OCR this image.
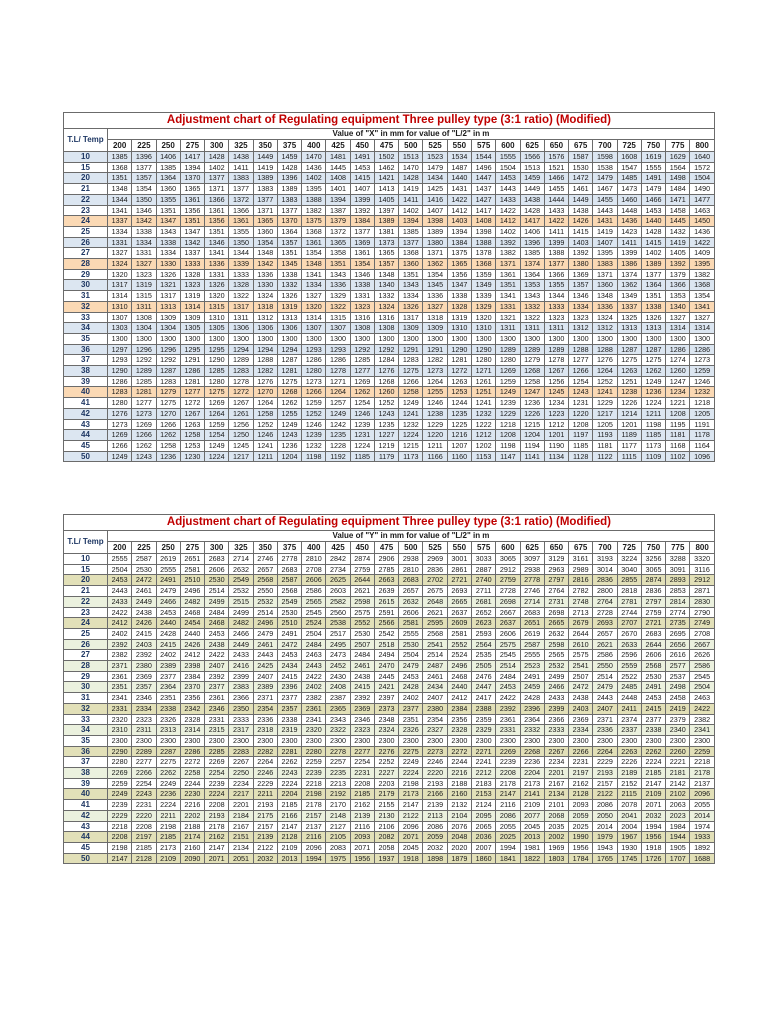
Adjustment chart of Regulating equipment Three pulley type (3:1 ratio) (Modified)																									
T.L/ Temp	Value of "X" in mm for value of "L/2" in m																								
	200	225	250	275	300	325	350	375	400	425	450	475	500	525	550	575	600	625	650	675	700	725	750	775	800
10	1385	1396	1406	1417	1428	1438	1449	1459	1470	1481	1491	1502	1513	1523	1534	1544	1555	1566	1576	1587	1598	1608	1619	1629	1640
15	1368	1377	1385	1394	1402	1411	1419	1428	1436	1445	1453	1462	1470	1479	1487	1496	1504	1513	1521	1530	1538	1547	1555	1564	1572
20	1351	1357	1364	1370	1377	1383	1389	1396	1402	1408	1415	1421	1428	1434	1440	1447	1453	1459	1466	1472	1479	1485	1491	1498	1504
21	1348	1354	1360	1365	1371	1377	1383	1389	1395	1401	1407	1413	1419	1425	1431	1437	1443	1449	1455	1461	1467	1473	1479	1484	1490
22	1344	1350	1355	1361	1366	1372	1377	1383	1388	1394	1399	1405	1411	1416	1422	1427	1433	1438	1444	1449	1455	1460	1466	1471	1477
23	1341	1346	1351	1356	1361	1366	1371	1377	1382	1387	1392	1397	1402	1407	1412	1417	1422	1428	1433	1438	1443	1448	1453	1458	1463
24	1337	1342	1347	1351	1356	1361	1365	1370	1375	1379	1384	1389	1394	1398	1403	1408	1412	1417	1422	1426	1431	1436	1440	1445	1450
25	1334	1338	1343	1347	1351	1355	1360	1364	1368	1372	1377	1381	1385	1389	1394	1398	1402	1406	1411	1415	1419	1423	1428	1432	1436
26	1331	1334	1338	1342	1346	1350	1354	1357	1361	1365	1369	1373	1377	1380	1384	1388	1392	1396	1399	1403	1407	1411	1415	1419	1422
27	1327	1331	1334	1337	1341	1344	1348	1351	1354	1358	1361	1365	1368	1371	1375	1378	1382	1385	1388	1392	1395	1399	1402	1405	1409
28	1324	1327	1330	1333	1336	1339	1342	1345	1348	1351	1354	1357	1360	1362	1365	1368	1371	1374	1377	1380	1383	1386	1389	1392	1395
29	1320	1323	1326	1328	1331	1333	1336	1338	1341	1343	1346	1348	1351	1354	1356	1359	1361	1364	1366	1369	1371	1374	1377	1379	1382
30	1317	1319	1321	1323	1326	1328	1330	1332	1334	1336	1338	1340	1343	1345	1347	1349	1351	1353	1355	1357	1360	1362	1364	1366	1368
31	1314	1315	1317	1319	1320	1322	1324	1326	1327	1329	1331	1332	1334	1336	1338	1339	1341	1343	1344	1346	1348	1349	1351	1353	1354
32	1310	1311	1313	1314	1315	1317	1318	1319	1320	1322	1323	1324	1326	1327	1328	1329	1331	1332	1333	1334	1336	1337	1338	1340	1341
33	1307	1308	1309	1309	1310	1311	1312	1313	1314	1315	1316	1316	1317	1318	1319	1320	1321	1322	1323	1323	1324	1325	1326	1327	1327
34	1303	1304	1304	1305	1305	1306	1306	1306	1307	1307	1308	1308	1309	1309	1310	1310	1311	1311	1311	1312	1312	1313	1313	1314	1314
35	1300	1300	1300	1300	1300	1300	1300	1300	1300	1300	1300	1300	1300	1300	1300	1300	1300	1300	1300	1300	1300	1300	1300	1300	1300
36	1297	1296	1296	1295	1295	1294	1294	1294	1293	1293	1292	1292	1291	1291	1290	1290	1289	1289	1289	1288	1288	1287	1287	1286	1286
37	1293	1292	1292	1291	1290	1289	1288	1287	1286	1286	1285	1284	1283	1282	1281	1280	1280	1279	1278	1277	1276	1275	1275	1274	1273
38	1290	1289	1287	1286	1285	1283	1282	1281	1280	1278	1277	1276	1275	1273	1272	1271	1269	1268	1267	1266	1264	1263	1262	1260	1259
39	1286	1285	1283	1281	1280	1278	1276	1275	1273	1271	1269	1268	1266	1264	1263	1261	1259	1258	1256	1254	1252	1251	1249	1247	1246
40	1283	1281	1279	1277	1275	1272	1270	1268	1266	1264	1262	1260	1258	1255	1253	1251	1249	1247	1245	1243	1241	1238	1236	1234	1232
41	1280	1277	1275	1272	1269	1267	1264	1262	1259	1257	1254	1252	1249	1246	1244	1241	1239	1236	1234	1231	1229	1226	1224	1221	1218
42	1276	1273	1270	1267	1264	1261	1258	1255	1252	1249	1246	1243	1241	1238	1235	1232	1229	1226	1223	1220	1217	1214	1211	1208	1205
43	1273	1269	1266	1263	1259	1256	1252	1249	1246	1242	1239	1235	1232	1229	1225	1222	1218	1215	1212	1208	1205	1201	1198	1195	1191
44	1269	1266	1262	1258	1254	1250	1246	1243	1239	1235	1231	1227	1224	1220	1216	1212	1208	1204	1201	1197	1193	1189	1185	1181	1178
45	1266	1262	1258	1253	1249	1245	1241	1236	1232	1228	1224	1219	1215	1211	1207	1202	1198	1194	1190	1185	1181	1177	1173	1168	1164
50	1249	1243	1236	1230	1224	1217	1211	1204	1198	1192	1185	1179	1173	1166	1160	1153	1147	1141	1134	1128	1122	1115	1109	1102	1096
Adjustment chart of Regulating equipment Three pulley type (3:1 ratio) (Modified)																									
T.L/ Temp	Value of "Y" in mm for value of "L/2" in m																								
	200	225	250	275	300	325	350	375	400	425	450	475	500	525	550	575	600	625	650	675	700	725	750	775	800
10	2555	2587	2619	2651	2683	2714	2746	2778	2810	2842	2874	2906	2938	2969	3001	3033	3065	3097	3129	3161	3193	3224	3256	3288	3320
15	2504	2530	2555	2581	2606	2632	2657	2683	2708	2734	2759	2785	2810	2836	2861	2887	2912	2938	2963	2989	3014	3040	3065	3091	3116
20	2453	2472	2491	2510	2530	2549	2568	2587	2606	2625	2644	2663	2683	2702	2721	2740	2759	2778	2797	2816	2836	2855	2874	2893	2912
21	2443	2461	2479	2496	2514	2532	2550	2568	2586	2603	2621	2639	2657	2675	2693	2711	2728	2746	2764	2782	2800	2818	2836	2853	2871
22	2433	2449	2466	2482	2499	2515	2532	2549	2565	2582	2598	2615	2632	2648	2665	2681	2698	2714	2731	2748	2764	2781	2797	2814	2830
23	2422	2438	2453	2468	2484	2499	2514	2530	2545	2560	2575	2591	2606	2621	2637	2652	2667	2683	2698	2713	2728	2744	2759	2774	2790
24	2412	2426	2440	2454	2468	2482	2496	2510	2524	2538	2552	2566	2581	2595	2609	2623	2637	2651	2665	2679	2693	2707	2721	2735	2749
25	2402	2415	2428	2440	2453	2466	2479	2491	2504	2517	2530	2542	2555	2568	2581	2593	2606	2619	2632	2644	2657	2670	2683	2695	2708
26	2392	2403	2415	2426	2438	2449	2461	2472	2484	2495	2507	2518	2530	2541	2552	2564	2575	2587	2598	2610	2621	2633	2644	2656	2667
27	2382	2392	2402	2412	2422	2433	2443	2453	2463	2473	2484	2494	2504	2514	2524	2535	2545	2555	2565	2575	2586	2596	2606	2616	2626
28	2371	2380	2389	2398	2407	2416	2425	2434	2443	2452	2461	2470	2479	2487	2496	2505	2514	2523	2532	2541	2550	2559	2568	2577	2586
29	2361	2369	2377	2384	2392	2399	2407	2415	2422	2430	2438	2445	2453	2461	2468	2476	2484	2491	2499	2507	2514	2522	2530	2537	2545
30	2351	2357	2364	2370	2377	2383	2389	2396	2402	2408	2415	2421	2428	2434	2440	2447	2453	2459	2466	2472	2479	2485	2491	2498	2504
31	2341	2346	2351	2356	2361	2366	2371	2377	2382	2387	2392	2397	2402	2407	2412	2417	2422	2428	2433	2438	2443	2448	2453	2458	2463
32	2331	2334	2338	2342	2346	2350	2354	2357	2361	2365	2369	2373	2377	2380	2384	2388	2392	2396	2399	2403	2407	2411	2415	2419	2422
33	2320	2323	2326	2328	2331	2333	2336	2338	2341	2343	2346	2348	2351	2354	2356	2359	2361	2364	2366	2369	2371	2374	2377	2379	2382
34	2310	2311	2313	2314	2315	2317	2318	2319	2320	2322	2323	2324	2326	2327	2328	2329	2331	2332	2333	2334	2336	2337	2338	2340	2341
35	2300	2300	2300	2300	2300	2300	2300	2300	2300	2300	2300	2300	2300	2300	2300	2300	2300	2300	2300	2300	2300	2300	2300	2300	2300
36	2290	2289	2287	2286	2285	2283	2282	2281	2280	2278	2277	2276	2275	2273	2272	2271	2269	2268	2267	2266	2264	2263	2262	2260	2259
37	2280	2277	2275	2272	2269	2267	2264	2262	2259	2257	2254	2252	2249	2246	2244	2241	2239	2236	2234	2231	2229	2226	2224	2221	2218
38	2269	2266	2262	2258	2254	2250	2246	2243	2239	2235	2231	2227	2224	2220	2216	2212	2208	2204	2201	2197	2193	2189	2185	2181	2178
39	2259	2254	2249	2244	2239	2234	2229	2224	2218	2213	2208	2203	2198	2193	2188	2183	2178	2173	2167	2162	2157	2152	2147	2142	2137
40	2249	2243	2236	2230	2224	2217	2211	2204	2198	2192	2185	2179	2173	2166	2160	2153	2147	2141	2134	2128	2122	2115	2109	2102	2096
41	2239	2231	2224	2216	2208	2201	2193	2185	2178	2170	2162	2155	2147	2139	2132	2124	2116	2109	2101	2093	2086	2078	2071	2063	2055
42	2229	2220	2211	2202	2193	2184	2175	2166	2157	2148	2139	2130	2122	2113	2104	2095	2086	2077	2068	2059	2050	2041	2032	2023	2014
43	2218	2208	2198	2188	2178	2167	2157	2147	2137	2127	2116	2106	2096	2086	2076	2065	2055	2045	2035	2025	2014	2004	1994	1984	1974
44	2208	2197	2185	2174	2162	2151	2139	2128	2116	2105	2093	2082	2071	2059	2048	2036	2025	2013	2002	1990	1979	1967	1956	1944	1933
45	2198	2185	2173	2160	2147	2134	2122	2109	2096	2083	2071	2058	2045	2032	2020	2007	1994	1981	1969	1956	1943	1930	1918	1905	1892
50	2147	2128	2109	2090	2071	2051	2032	2013	1994	1975	1956	1937	1918	1898	1879	1860	1841	1822	1803	1784	1765	1745	1726	1707	1688
